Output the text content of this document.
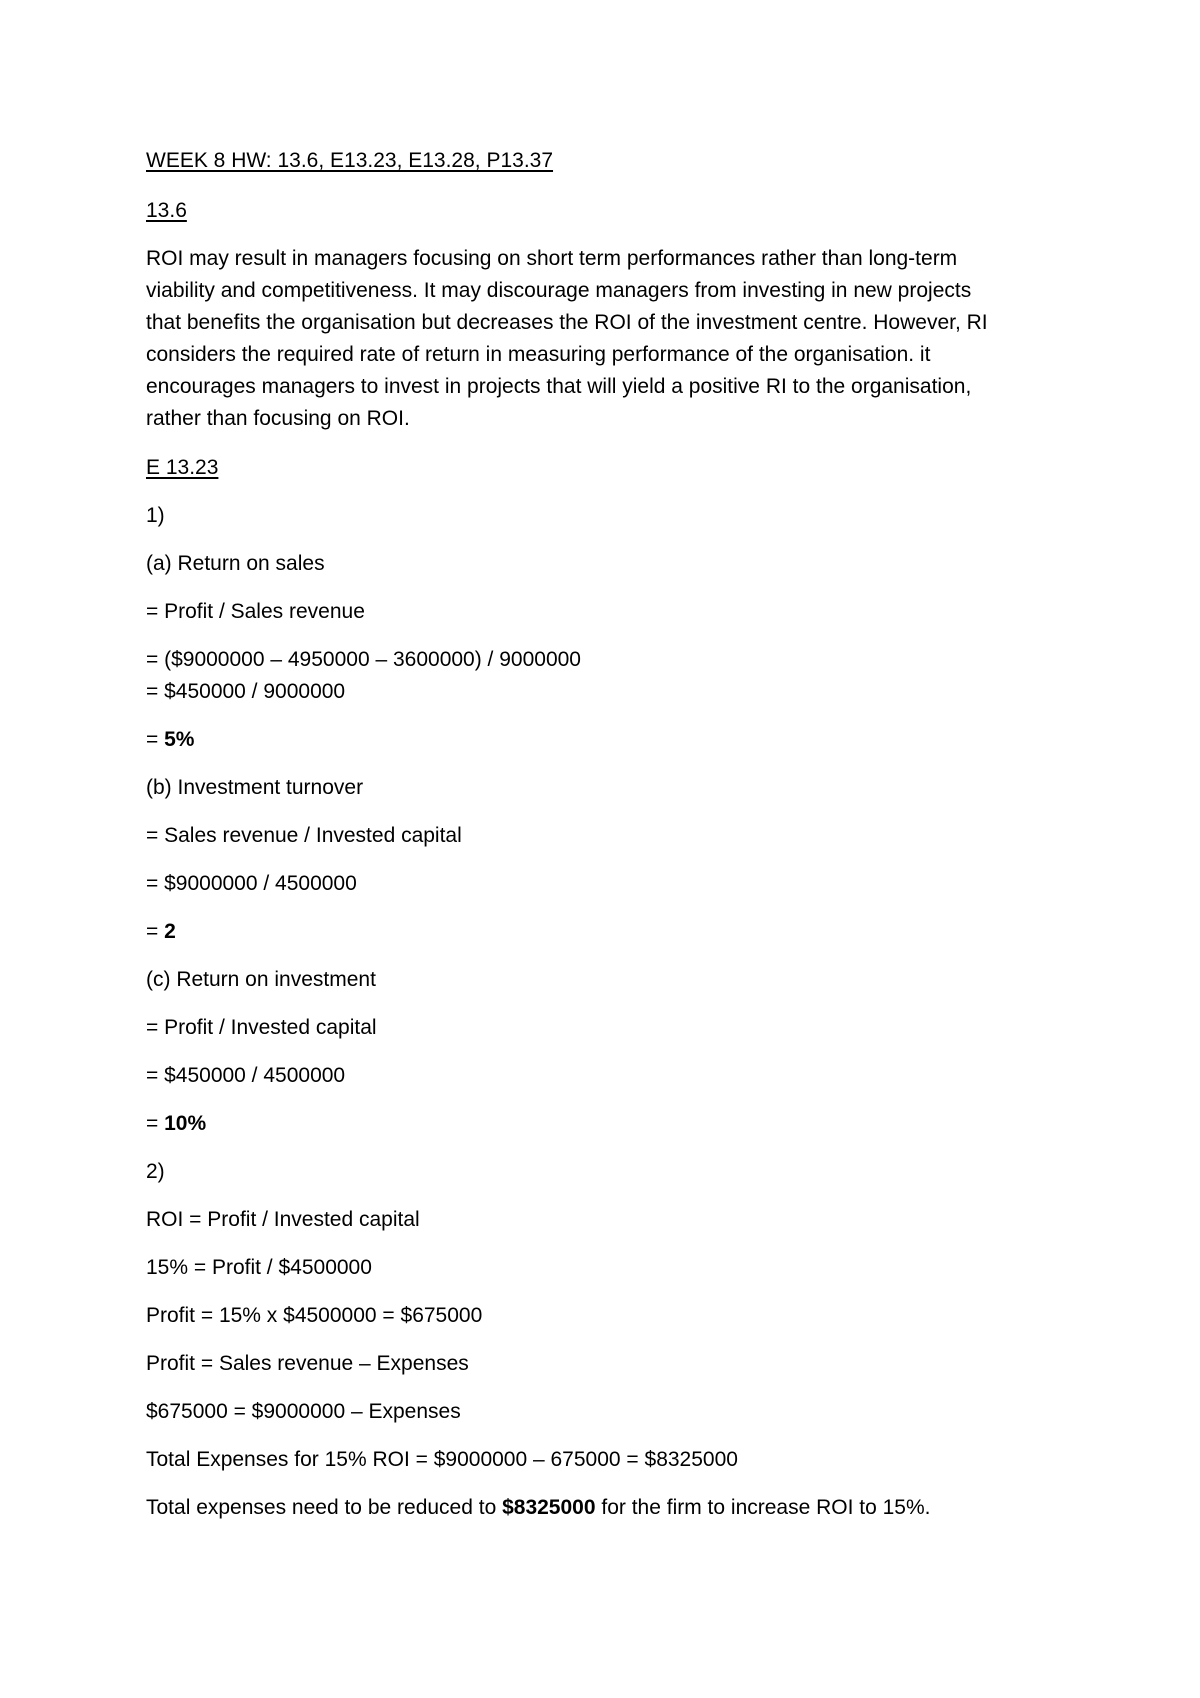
WEEK 8 HW: 13.6, E13.23, E13.28, P13.37

13.6

ROI may result in managers focusing on short term performances rather than long-term

viability and competitiveness. It may discourage managers from investing in new projects

that benefits the organisation but decreases the ROI of the investment centre. However, RI

considers the required rate of return in measuring performance of the organisation. it

encourages managers to invest in projects that will yield a positive RI to the organisation,

rather than focusing on ROI.

E 13.23

1)

(a) Return on sales

= Profit / Sales revenue

= ($9000000 – 4950000 – 3600000) / 9000000

= $450000 / 9000000

= 5%

(b) Investment turnover

= Sales revenue / Invested capital

= $9000000 / 4500000

= 2

(c) Return on investment

= Profit / Invested capital

= $450000 / 4500000

= 10%

2)

ROI = Profit / Invested capital

15% = Profit / $4500000

Profit = 15% x $4500000 = $675000

Profit = Sales revenue – Expenses

$675000 = $9000000 – Expenses

Total Expenses for 15% ROI = $9000000 – 675000 = $8325000

Total expenses need to be reduced to $8325000 for the firm to increase ROI to 15%.
